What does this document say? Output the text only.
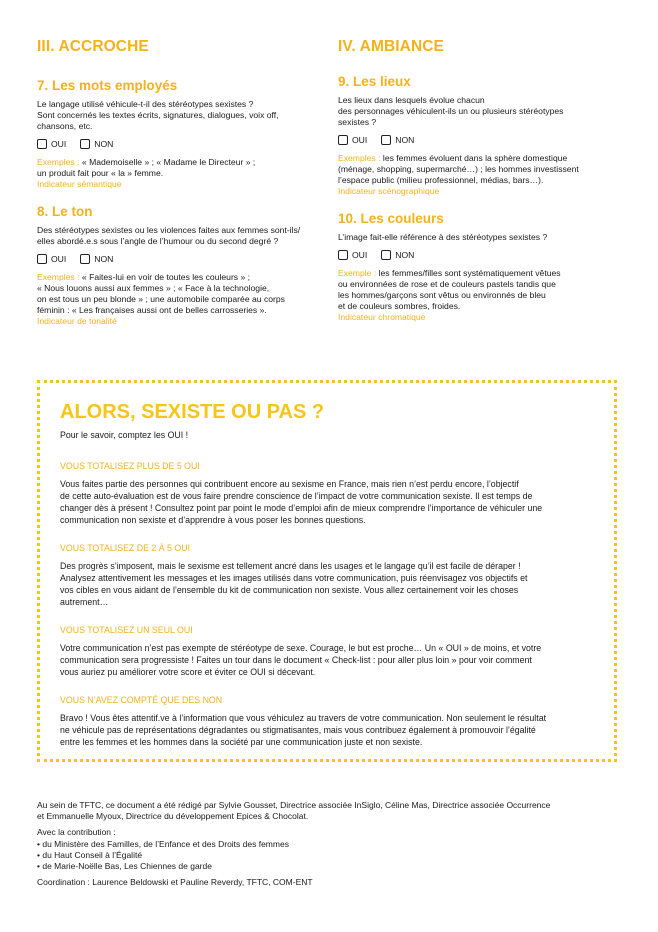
III. ACCROCHE
7. Les mots employés

Le langage utilisé véhicule-t-il des stéréotypes sexistes ?
Sont concernés les textes écrits, signatures, dialogues, voix off, chansons, etc.

OUI	NON

Exemples : « Mademoiselle » ; « Madame le Directeur » ;
un produit fait pour « la » femme.

Indicateur sémantique

8. Le ton

Des stéréotypes sexistes ou les violences faites aux femmes sont-ils/
elles abordé.e.s sous l’angle de l’humour ou du second degré ?

OUI	NON

Exemples : « Faites-lui en voir de toutes les couleurs » ;
« Nous louons aussi aux femmes » ; « Face à la technologie,
on est tous un peu blonde » ; une automobile comparée au corps
féminin : « Les françaises aussi ont de belles carrosseries ».

Indicateur de tonalité

IV. AMBIANCE
9. Les lieux

Les lieux dans lesquels évolue chacun
des personnages véhiculent-ils un ou plusieurs stéréotypes
sexistes ?

OUI	NON

Exemples : les femmes évoluent dans la sphère domestique
(ménage, shopping, supermarché…) ; les hommes investissent
l’espace public (milieu professionnel, médias, bars…).

Indicateur scénographique

10. Les couleurs

L’image fait-elle référence à des stéréotypes sexistes ?

OUI	NON

Exemple : les femmes/filles sont systématiquement vêtues
ou environnées de rose et de couleurs pastels tandis que
les hommes/garçons sont vêtus ou environnés de bleu
et de couleurs sombres, froides.

Indicateur chromatique

ALORS, SEXISTE OU PAS ?

Pour le savoir, comptez les OUI !

VOUS TOTALISEZ PLUS DE 5 OUI

Vous faites partie des personnes qui contribuent encore au sexisme en France, mais rien n’est perdu encore, l’objectif
de cette auto-évaluation est de vous faire prendre conscience de l’impact de votre communication sexiste. Il est temps de
changer dès à présent ! Consultez point par point le mode d’emploi afin de mieux comprendre l’importance de véhiculer une
communication non sexiste et d’apprendre à vous poser les bonnes questions.

VOUS TOTALISEZ DE 2 À 5 OUI

Des progrès s’imposent, mais le sexisme est tellement ancré dans les usages et le langage qu’il est facile de déraper !
Analysez attentivement les messages et les images utilisés dans votre communication, puis réenvisagez vos objectifs et
vos cibles en vous aidant de l’ensemble du kit de communication non sexiste. Vous allez certainement voir les choses
autrement…

VOUS TOTALISEZ UN SEUL OUI

Votre communication n’est pas exempte de stéréotype de sexe. Courage, le but est proche… Un « OUI » de moins, et votre
communication sera progressiste ! Faites un tour dans le document « Check-list : pour aller plus loin » pour voir comment
vous auriez pu améliorer votre score et éviter ce OUI si décevant.

VOUS N’AVEZ COMPTÉ QUE DES NON

Bravo ! Vous êtes attentif.ve à l’information que vous véhiculez au travers de votre communication. Non seulement le résultat
ne véhicule pas de représentations dégradantes ou stigmatisantes, mais vous contribuez également à promouvoir l’égalité
entre les femmes et les hommes dans la société par une communication juste et non sexiste.

Au sein de TFTC, ce document a été rédigé par Sylvie Gousset, Directrice associée InSiglo, Céline Mas, Directrice associée Occurrence
et Emmanuelle Myoux, Directrice du développement Epices & Chocolat.

Avec la contribution :

• du Ministère des Familles, de l’Enfance et des Droits des femmes
• du Haut Conseil à l’Égalité
• de Marie-Noëlle Bas, Les Chiennes de garde

Coordination : Laurence Beldowski et Pauline Reverdy, TFTC, COM-ENT
